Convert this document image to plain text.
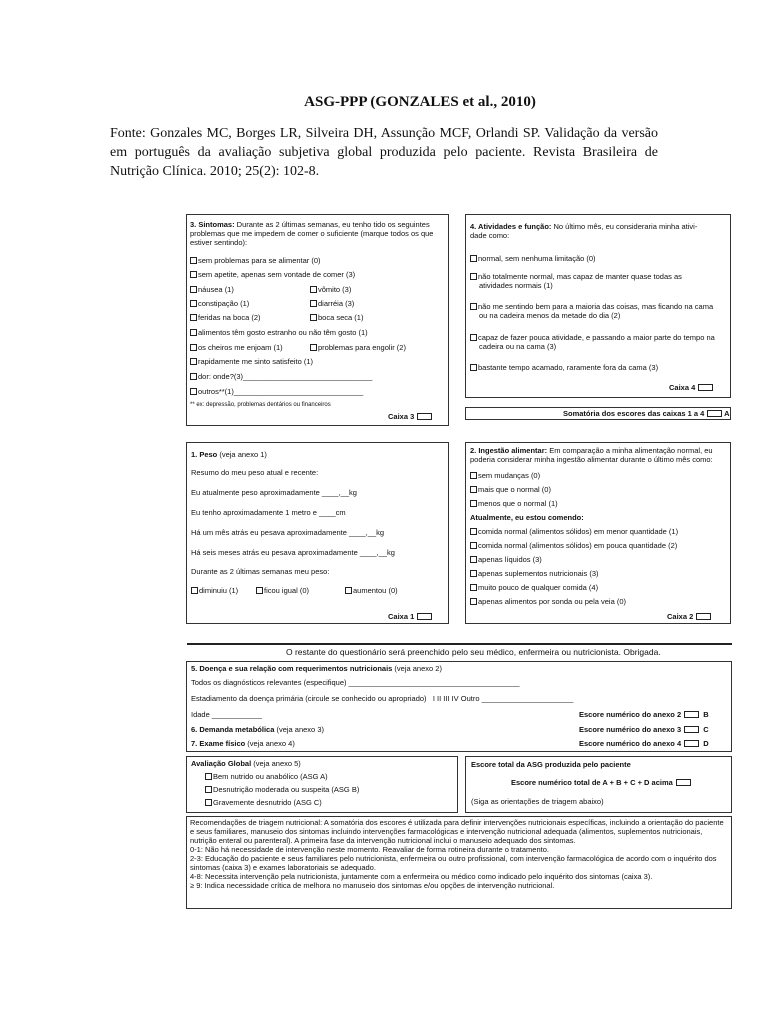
ASG-PPP (GONZALES et al., 2010)
Fonte: Gonzales MC, Borges LR, Silveira DH, Assunção MCF, Orlandi SP. Validação da versão em português da avaliação subjetiva global produzida pelo paciente. Revista Brasileira de Nutrição Clínica. 2010; 25(2): 102-8.
3. Sintomas: Durante as 2 últimas semanas, eu tenho tido os seguintes
problemas que me impedem de comer o suficiente (marque todos os que
estiver sentindo):
sem problemas para se alimentar (0)
sem apetite, apenas sem vontade de comer (3)
náusea (1)	vômito (3)
constipação (1)	diarréia (3)
feridas na boca (2)	boca seca (1)
alimentos têm gosto estranho ou não têm gosto (1)
os cheiros me enjoam (1)	problemas para engolir (2)
rapidamente me sinto satisfeito (1)
dor: onde?(3)_______________________________
outros**(1)_______________________________
** ex: depressão, problemas dentários ou financeiros
Caixa 3
4. Atividades e função: No último mês, eu consideraria minha ativi-
dade como:
normal, sem nenhuma limitação (0)
não totalmente normal, mas capaz de manter quase todas as
atividades normais (1)
não me sentindo bem para a maioria das coisas, mas ficando na cama
ou na cadeira menos da metade do dia (2)
capaz de fazer pouca atividade, e passando a maior parte do tempo na
cadeira ou na cama (3)
bastante tempo acamado, raramente fora da cama (3)
Caixa 4
Somatória dos escores das caixas 1 a 4	A
1. Peso (veja anexo 1)
Resumo do meu peso atual e recente:
Eu atualmente peso aproximadamente ____,__kg
Eu tenho aproximadamente 1 metro e ____cm
Há um mês atrás eu pesava aproximadamente ____,__kg
Há seis meses atrás eu pesava aproximadamente ____,__kg
Durante as 2 últimas semanas meu peso:
diminuiu (1)	ficou igual (0)	aumentou (0)
Caixa 1
2. Ingestão alimentar: Em comparação a minha alimentação normal, eu
poderia considerar minha ingestão alimentar durante o último mês como:
sem mudanças (0)
mais que o normal (0)
menos que o normal (1)
Atualmente, eu estou comendo:
comida normal (alimentos sólidos) em menor quantidade (1)
comida normal (alimentos sólidos) em pouca quantidade (2)
apenas líquidos (3)
apenas suplementos nutricionais (3)
muito pouco de qualquer comida (4)
apenas alimentos por sonda ou pela veia (0)
Caixa 2
O restante do questionário será preenchido pelo seu médico, enfermeira ou nutricionista. Obrigada.
5. Doença e sua relação com requerimentos nutricionais (veja anexo 2)
Todos os diagnósticos relevantes (especifique) _________________________________________
Estadiamento da doença primária (circule se conhecido ou apropriado) I II III IV Outro ______________________
Idade ____________	Escore numérico do anexo 2	B
6. Demanda metabólica (veja anexo 3)	Escore numérico do anexo 3	C
7. Exame físico (veja anexo 4)	Escore numérico do anexo 4	D
Avaliação Global (veja anexo 5)
Bem nutrido ou anabólico (ASG A)
Desnutrição moderada ou suspeita (ASG B)
Gravemente desnutrido (ASG C)
Escore total da ASG produzida pelo paciente
Escore numérico total de A + B + C + D acima
(Siga as orientações de triagem abaixo)
Recomendações de triagem nutricional: A somatória dos escores é utilizada para definir intervenções nutricionais específicas, incluindo a orientação do paciente e seus familiares, manuseio dos sintomas incluindo intervenções farmacológicas e intervenção nutricional adequada (alimentos, suplementos nutricionais, nutrição enteral ou parenteral). A primeira fase da intervenção nutricional inclui o manuseio adequado dos sintomas.
0-1: Não há necessidade de intervenção neste momento. Reavaliar de forma rotineira durante o tratamento.
2-3: Educação do paciente e seus familiares pelo nutricionista, enfermeira ou outro profissional, com intervenção farmacológica de acordo com o inquérito dos sintomas (caixa 3) e exames laboratoriais se adequado.
4-8: Necessita intervenção pela nutricionista, juntamente com a enfermeira ou médico como indicado pelo inquérito dos sintomas (caixa 3).
≥ 9: Indica necessidade crítica de melhora no manuseio dos sintomas e/ou opções de intervenção nutricional.
